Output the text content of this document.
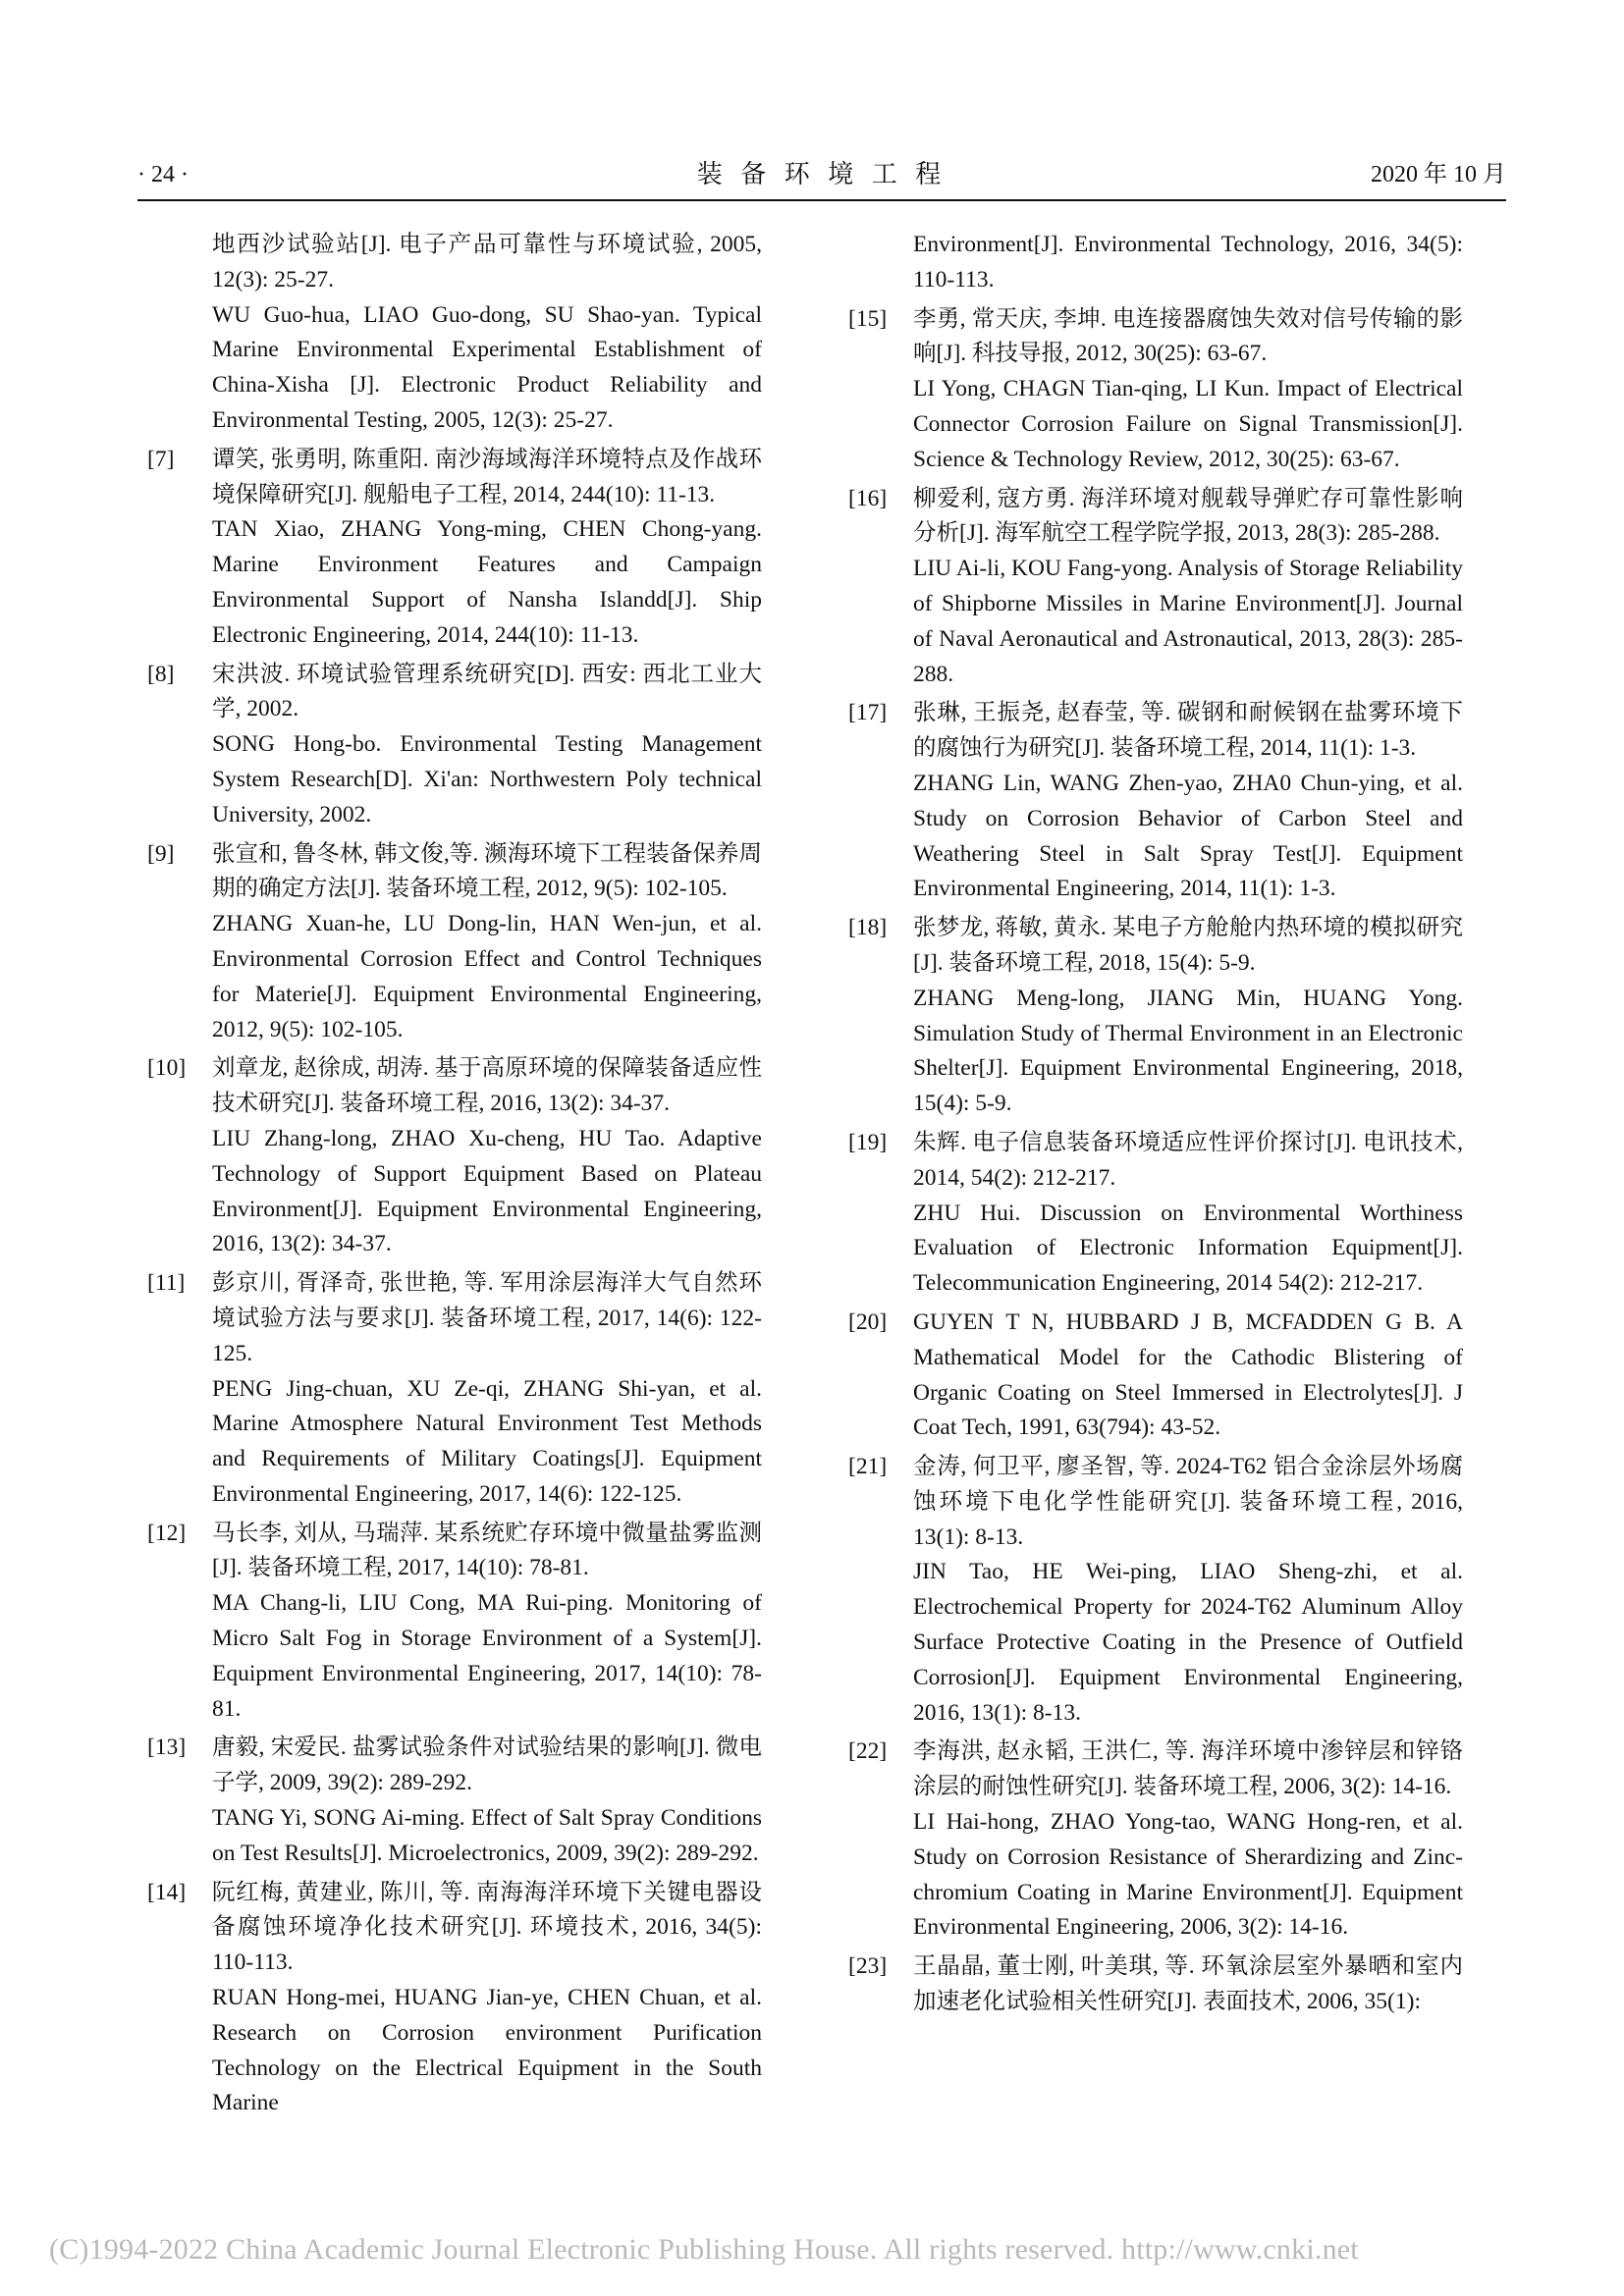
· 24 ·	装 备 环 境 工 程	2020 年 10 月

地西沙试验站[J]. 电子产品可靠性与环境试验, 2005, 12(3): 25-27.

WU Guo-hua, LIAO Guo-dong, SU Shao-yan. Typical Marine Environmental Experimental Establishment of China-Xisha [J]. Electronic Product Reliability and Environmental Testing, 2005, 12(3): 25-27.

[7] 谭笑, 张勇明, 陈重阳. 南沙海域海洋环境特点及作战环境保障研究[J]. 舰船电子工程, 2014, 244(10): 11-13.

TAN Xiao, ZHANG Yong-ming, CHEN Chong-yang. Marine Environment Features and Campaign Environmental Support of Nansha Islandd[J]. Ship Electronic Engineering, 2014, 244(10): 11-13.

[8] 宋洪波. 环境试验管理系统研究[D]. 西安: 西北工业大学, 2002.

SONG Hong-bo. Environmental Testing Management System Research[D]. Xi'an: Northwestern Poly technical University, 2002.

[9] 张宣和, 鲁冬林, 韩文俊,等. 濒海环境下工程装备保养周期的确定方法[J]. 装备环境工程, 2012, 9(5): 102-105.

ZHANG Xuan-he, LU Dong-lin, HAN Wen-jun, et al. Environmental Corrosion Effect and Control Techniques for Materie[J]. Equipment Environmental Engineering, 2012, 9(5): 102-105.

[10] 刘章龙, 赵徐成, 胡涛. 基于高原环境的保障装备适应性技术研究[J]. 装备环境工程, 2016, 13(2): 34-37.

LIU Zhang-long, ZHAO Xu-cheng, HU Tao. Adaptive Technology of Support Equipment Based on Plateau Environment[J]. Equipment Environmental Engineering, 2016, 13(2): 34-37.

[11] 彭京川, 胥泽奇, 张世艳, 等. 军用涂层海洋大气自然环境试验方法与要求[J]. 装备环境工程, 2017, 14(6): 122-125.

PENG Jing-chuan, XU Ze-qi, ZHANG Shi-yan, et al. Marine Atmosphere Natural Environment Test Methods and Requirements of Military Coatings[J]. Equipment Environmental Engineering, 2017, 14(6): 122-125.

[12] 马长李, 刘从, 马瑞萍. 某系统贮存环境中微量盐雾监测[J]. 装备环境工程, 2017, 14(10): 78-81.

MA Chang-li, LIU Cong, MA Rui-ping. Monitoring of Micro Salt Fog in Storage Environment of a System[J]. Equipment Environmental Engineering, 2017, 14(10): 78-81.

[13] 唐毅, 宋爱民. 盐雾试验条件对试验结果的影响[J]. 微电子学, 2009, 39(2): 289-292.

TANG Yi, SONG Ai-ming. Effect of Salt Spray Conditions on Test Results[J]. Microelectronics, 2009, 39(2): 289-292.

[14] 阮红梅, 黄建业, 陈川, 等. 南海海洋环境下关键电器设备腐蚀环境净化技术研究[J]. 环境技术, 2016, 34(5): 110-113.

RUAN Hong-mei, HUANG Jian-ye, CHEN Chuan, et al. Research on Corrosion environment Purification Technology on the Electrical Equipment in the South Marine

Environment[J]. Environmental Technology, 2016, 34(5): 110-113.

[15] 李勇, 常天庆, 李坤. 电连接器腐蚀失效对信号传输的影响[J]. 科技导报, 2012, 30(25): 63-67.

LI Yong, CHAGN Tian-qing, LI Kun. Impact of Electrical Connector Corrosion Failure on Signal Transmission[J]. Science & Technology Review, 2012, 30(25): 63-67.

[16] 柳爱利, 寇方勇. 海洋环境对舰载导弹贮存可靠性影响分析[J]. 海军航空工程学院学报, 2013, 28(3): 285-288.

LIU Ai-li, KOU Fang-yong. Analysis of Storage Reliability of Shipborne Missiles in Marine Environment[J]. Journal of Naval Aeronautical and Astronautical, 2013, 28(3): 285-288.

[17] 张琳, 王振尧, 赵春莹, 等. 碳钢和耐候钢在盐雾环境下的腐蚀行为研究[J]. 装备环境工程, 2014, 11(1): 1-3.

ZHANG Lin, WANG Zhen-yao, ZHA0 Chun-ying, et al. Study on Corrosion Behavior of Carbon Steel and Weathering Steel in Salt Spray Test[J]. Equipment Environmental Engineering, 2014, 11(1): 1-3.

[18] 张梦龙, 蒋敏, 黄永. 某电子方舱舱内热环境的模拟研究[J]. 装备环境工程, 2018, 15(4): 5-9.

ZHANG Meng-long, JIANG Min, HUANG Yong. Simulation Study of Thermal Environment in an Electronic Shelter[J]. Equipment Environmental Engineering, 2018, 15(4): 5-9.

[19] 朱辉. 电子信息装备环境适应性评价探讨[J]. 电讯技术, 2014, 54(2): 212-217.

ZHU Hui. Discussion on Environmental Worthiness Evaluation of Electronic Information Equipment[J]. Telecommunication Engineering, 2014 54(2): 212-217.

[20] GUYEN T N, HUBBARD J B, MCFADDEN G B. A Mathematical Model for the Cathodic Blistering of Organic Coating on Steel Immersed in Electrolytes[J]. J Coat Tech, 1991, 63(794): 43-52.

[21] 金涛, 何卫平, 廖圣智, 等. 2024-T62 铝合金涂层外场腐蚀环境下电化学性能研究[J]. 装备环境工程, 2016, 13(1): 8-13.

JIN Tao, HE Wei-ping, LIAO Sheng-zhi, et al. Electrochemical Property for 2024-T62 Aluminum Alloy Surface Protective Coating in the Presence of Outfield Corrosion[J]. Equipment Environmental Engineering, 2016, 13(1): 8-13.

[22] 李海洪, 赵永韬, 王洪仁, 等. 海洋环境中渗锌层和锌铬涂层的耐蚀性研究[J]. 装备环境工程, 2006, 3(2): 14-16.

LI Hai-hong, ZHAO Yong-tao, WANG Hong-ren, et al. Study on Corrosion Resistance of Sherardizing and Zinc-chromium Coating in Marine Environment[J]. Equipment Environmental Engineering, 2006, 3(2): 14-16.

[23] 王晶晶, 董士刚, 叶美琪, 等. 环氧涂层室外暴晒和室内加速老化试验相关性研究[J]. 表面技术, 2006, 35(1):

(C)1994-2022 China Academic Journal Electronic Publishing House. All rights reserved. http://www.cnki.net
